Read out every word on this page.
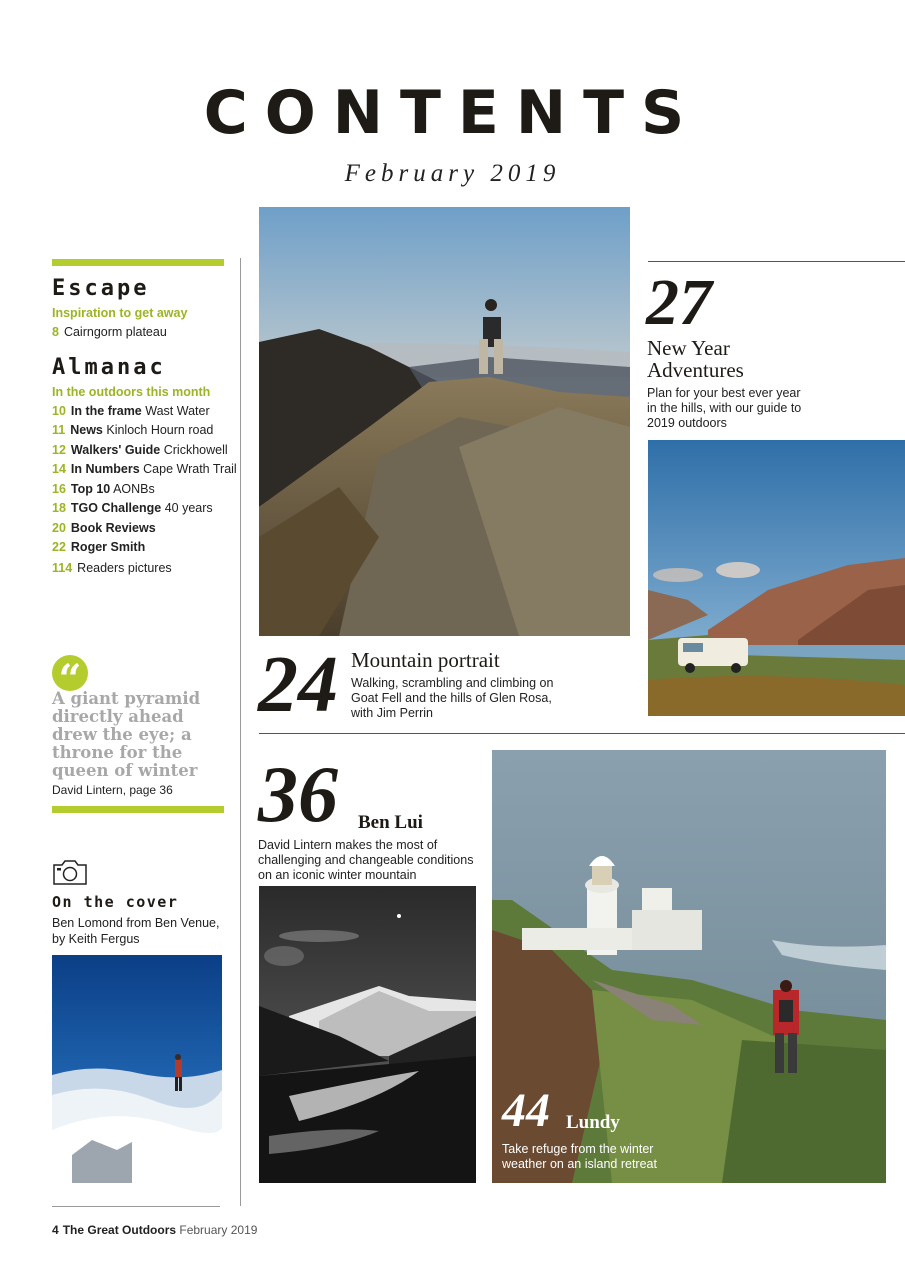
CONTENTS
February 2019
Escape
Inspiration to get away
8 Cairngorm plateau
Almanac
In the outdoors this month
10 In the frame Wast Water
11 News Kinloch Hourn road
12 Walkers' Guide Crickhowell
14 In Numbers Cape Wrath Trail
16 Top 10 AONBs
18 TGO Challenge 40 years
20 Book Reviews
22 Roger Smith
114 Readers pictures
“
A giant pyramid directly ahead drew the eye; a throne for the queen of winter
David Lintern, page 36
On the cover
Ben Lomond from Ben Venue, by Keith Fergus
4 The Great Outdoors February 2019
27
New Year
Adventures
Plan for your best ever year in the hills, with our guide to 2019 outdoors
24 Mountain portrait
Walking, scrambling and climbing on Goat Fell and the hills of Glen Rosa, with Jim Perrin
36 Ben Lui
David Lintern makes the most of challenging and changeable conditions on an iconic winter mountain
44 Lundy
Take refuge from the winter weather on an island retreat
